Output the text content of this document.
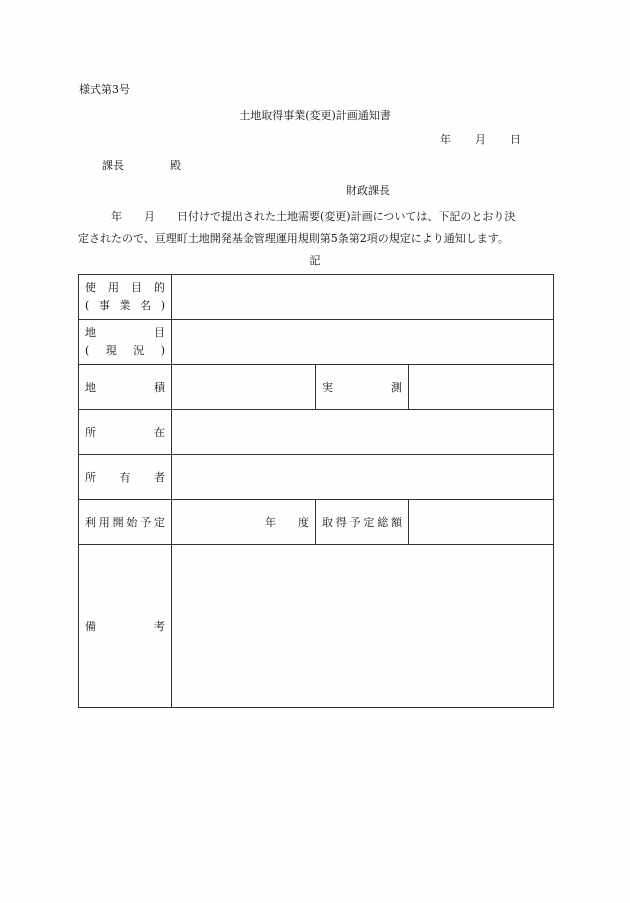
様式第3号
土地取得事業(変更)計画通知書
年 月 日
課長	殿
財政課長
　　　年　　月　　日付けで提出された土地需要(変更)計画については、下記のとおり決
定されたので、亘理町土地開発基金管理運用規則第5条第2項の規定により通知します。
記
使用目的
(事業名)			

地目
(現況)			

地積		実測	

所在			

所有者			

利用開始予定	年　　度	取得予定総額	

備考			
